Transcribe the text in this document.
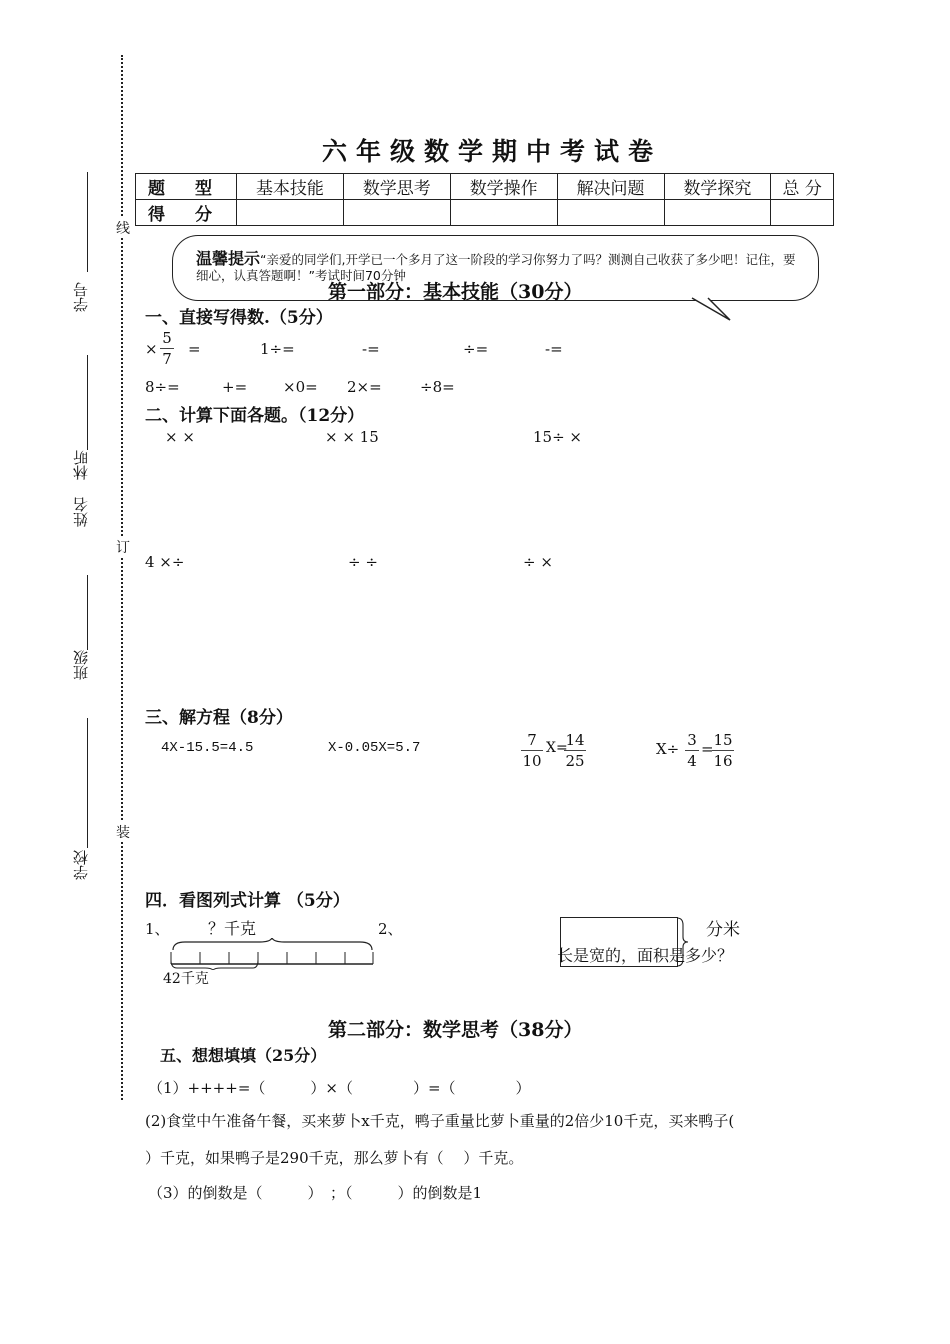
线
订
装
学号
林昕
姓名
班级
学校
六年级数学期中考试卷
题 型	基本技能	数学思考	数学操作	解决问题	数学探究	总 分
得 分						
温馨提示“亲爱的同学们,开学已一个多月了这一阶段的学习你努力了吗？测测自己收获了多少吧！记住，要细心，认真答题啊！”考试时间70分钟
第一部分：基本技能（30分）
一、直接写得数.（5分）
× $\frac{5}{7}$ =	1÷=	-=	÷=	-=
8÷=	+= ×0= 2×=	÷8=
二、计算下面各题。（12分）
× ×	× × 15	15÷ ×
4 ×÷	÷ ÷	÷ ×
三、解方程（8分）
4X-15.5=4.5	X-0.05X=5.7	$\frac{7}{10} X=$
$\frac{14}{25}$	$X\div \frac{3}{4}$ =
$\frac{15}{16}$
四．看图列式计算 （5分）
1、 ？千克
42千克
2、	分米
长是宽的，面积是多少？
第二部分：数学思考（38分）
五、想想填填（25分）
（1）++++=（　　　）×（　　　　）=（　　　　）
(2)食堂中午准备午餐，买来萝卜x千克，鸭子重量比萝卜重量的2倍少10千克，买来鸭子(
）千克，如果鸭子是290千克，那么萝卜有（　 ）千克。
（3）的倒数是（　　　）　；（　　　）的倒数是1
